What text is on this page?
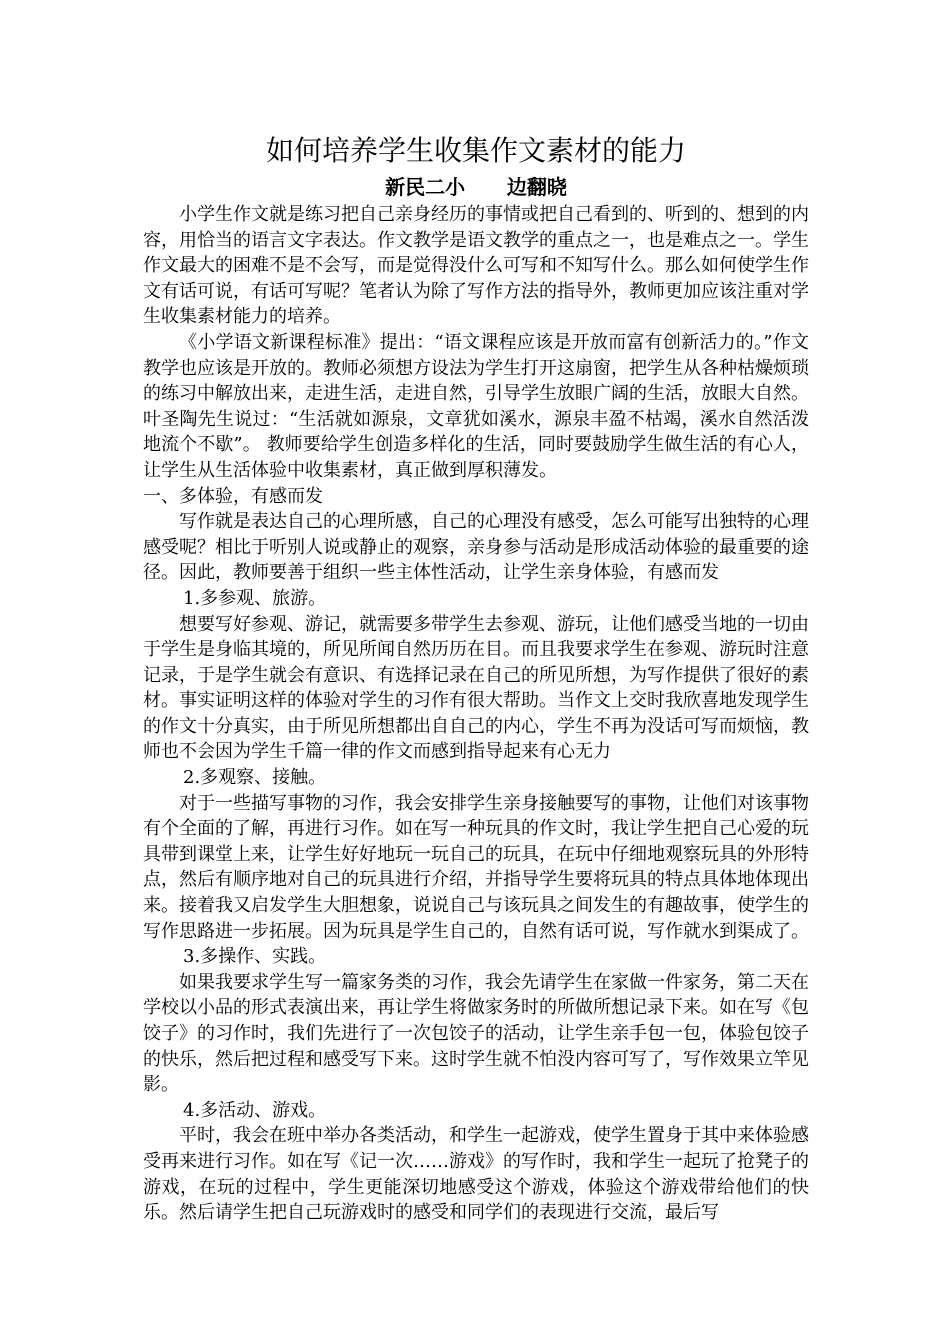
如何培养学生收集作文素材的能力
新民二小      边翻晓

小学生作文就是练习把自己亲身经历的事情或把自己看到的、听到的、想到的内容，用恰当的语言文字表达。作文教学是语文教学的重点之一，也是难点之一。学生作文最大的困难不是不会写，而是觉得没什么可写和不知写什么。那么如何使学生作文有话可说，有话可写呢？笔者认为除了写作方法的指导外，教师更加应该注重对学生收集素材能力的培养。

《小学语文新课程标准》提出：“语文课程应该是开放而富有创新活力的。”作文教学也应该是开放的。教师必须想方设法为学生打开这扇窗，把学生从各种枯燥烦琐的练习中解放出来，走进生活，走进自然，引导学生放眼广阔的生活，放眼大自然。叶圣陶先生说过：“生活就如源泉，文章犹如溪水，源泉丰盈不枯竭，溪水自然活泼地流个不歇”。 教师要给学生创造多样化的生活，同时要鼓励学生做生活的有心人，让学生从生活体验中收集素材，真正做到厚积薄发。

一、多体验，有感而发

写作就是表达自己的心理所感，自己的心理没有感受，怎么可能写出独特的心理感受呢？相比于听别人说或静止的观察，亲身参与活动是形成活动体验的最重要的途径。因此，教师要善于组织一些主体性活动，让学生亲身体验，有感而发

1.多参观、旅游。

想要写好参观、游记，就需要多带学生去参观、游玩，让他们感受当地的一切由于学生是身临其境的，所见所闻自然历历在目。而且我要求学生在参观、游玩时注意记录，于是学生就会有意识、有选择记录在自己的所见所想，为写作提供了很好的素材。事实证明这样的体验对学生的习作有很大帮助。当作文上交时我欣喜地发现学生的作文十分真实，由于所见所想都出自自己的内心，学生不再为没话可写而烦恼，教师也不会因为学生千篇一律的作文而感到指导起来有心无力

2.多观察、接触。

对于一些描写事物的习作，我会安排学生亲身接触要写的事物，让他们对该事物有个全面的了解，再进行习作。如在写一种玩具的作文时，我让学生把自己心爱的玩具带到课堂上来，让学生好好地玩一玩自己的玩具，在玩中仔细地观察玩具的外形特点，然后有顺序地对自己的玩具进行介绍，并指导学生要将玩具的特点具体地体现出来。接着我又启发学生大胆想象，说说自己与该玩具之间发生的有趣故事，使学生的写作思路进一步拓展。因为玩具是学生自己的，自然有话可说，写作就水到渠成了。

3.多操作、实践。

如果我要求学生写一篇家务类的习作，我会先请学生在家做一件家务，第二天在学校以小品的形式表演出来，再让学生将做家务时的所做所想记录下来。如在写《包饺子》的习作时，我们先进行了一次包饺子的活动，让学生亲手包一包，体验包饺子的快乐，然后把过程和感受写下来。这时学生就不怕没内容可写了，写作效果立竿见影。

4.多活动、游戏。

平时，我会在班中举办各类活动，和学生一起游戏，使学生置身于其中来体验感受再来进行习作。如在写《记一次……游戏》的写作时，我和学生一起玩了抢凳子的游戏，在玩的过程中，学生更能深切地感受这个游戏，体验这个游戏带给他们的快乐。然后请学生把自己玩游戏时的感受和同学们的表现进行交流，最后写
